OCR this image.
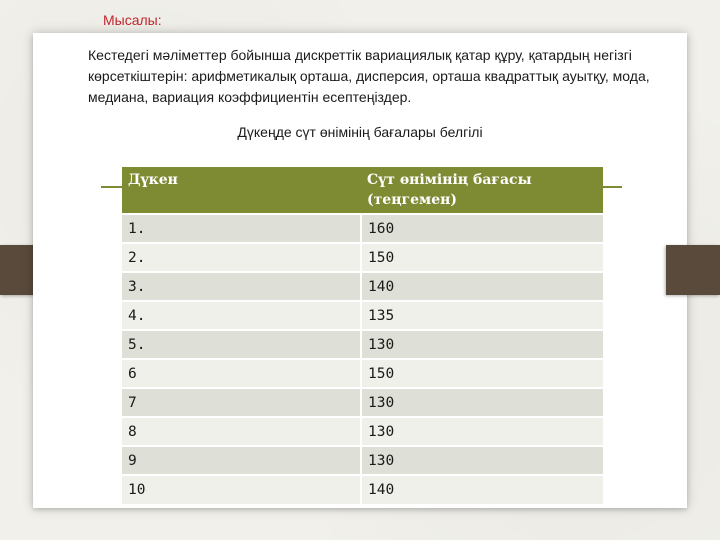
Мысалы:
Кестедегі мәліметтер бойынша дискреттік вариациялық қатар құру, қатардың негізгі көрсеткіштерін: арифметикалық орташа, дисперсия, орташа квадраттық ауытқу, мода, медиана, вариация коэффициентін есептеңіздер.
Дүкеңде сүт өнімінің бағалары белгілі
Дүкен	Сүт өнімінің бағасы (теңгемен)
1.	160
2.	150
3.	140
4.	135
5.	130
6	150
7	130
8	130
9	130
10	140
